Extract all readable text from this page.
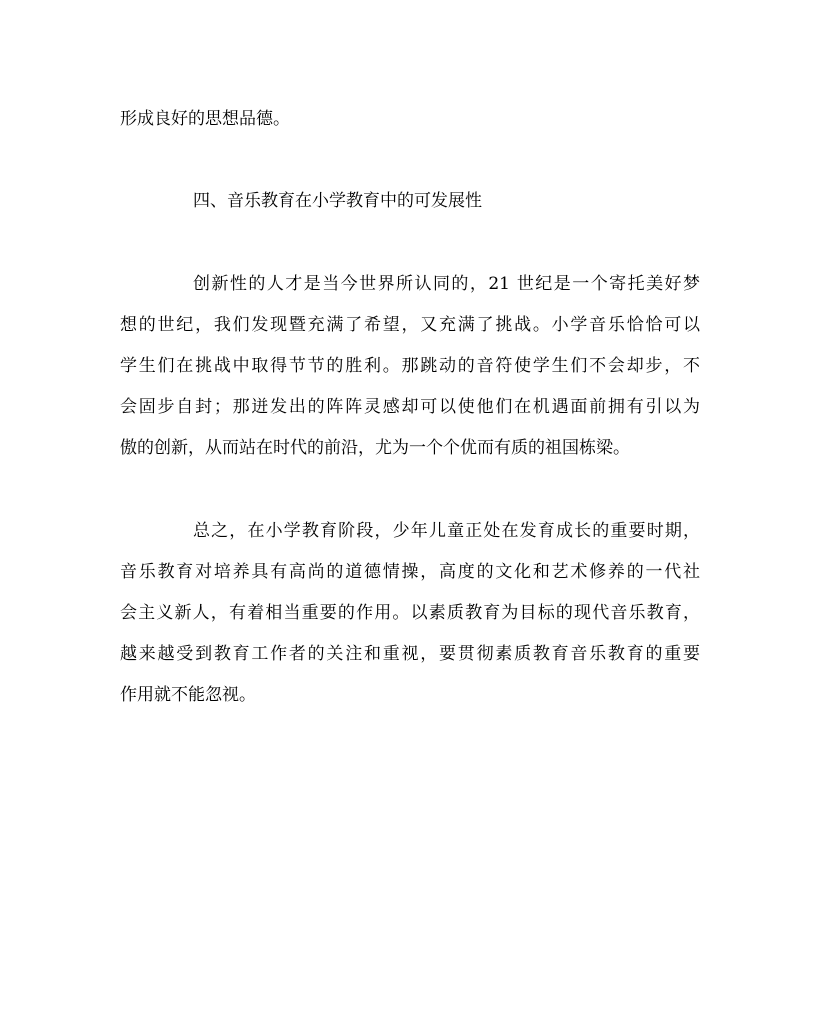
形成良好的思想品德。
四、音乐教育在小学教育中的可发展性
创新性的人才是当今世界所认同的，21 世纪是一个寄托美好梦
想的世纪，我们发现暨充满了希望，又充满了挑战。小学音乐恰恰可以
学生们在挑战中取得节节的胜利。那跳动的音符使学生们不会却步，不
会固步自封；那迸发出的阵阵灵感却可以使他们在机遇面前拥有引以为
傲的创新，从而站在时代的前沿，尤为一个个优而有质的祖国栋梁。
总之，在小学教育阶段，少年儿童正处在发育成长的重要时期，
音乐教育对培养具有高尚的道德情操，高度的文化和艺术修养的一代社
会主义新人，有着相当重要的作用。以素质教育为目标的现代音乐教育，
越来越受到教育工作者的关注和重视，要贯彻素质教育音乐教育的重要
作用就不能忽视。
